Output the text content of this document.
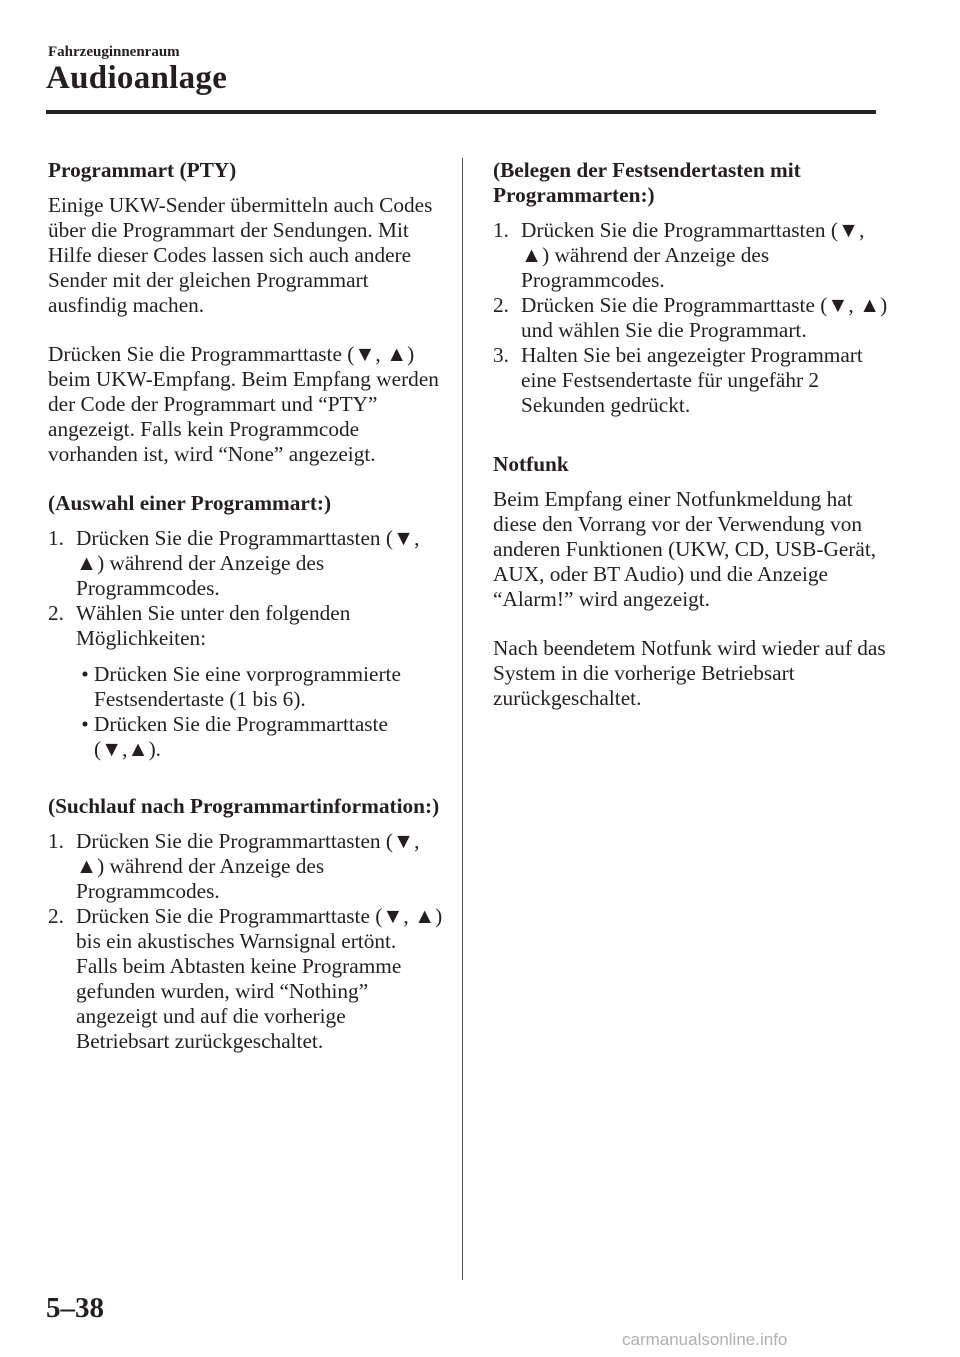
Fahrzeuginnenraum
Audioanlage
Programmart (PTY)

Einige UKW-Sender übermitteln auch Codes über die Programmart der Sendungen. Mit Hilfe dieser Codes lassen sich auch andere Sender mit der gleichen Programmart ausfindig machen.

Drücken Sie die Programmarttaste (▼, ▲) beim UKW-Empfang. Beim Empfang werden der Code der Programmart und “PTY” angezeigt. Falls kein Programmcode vorhanden ist, wird “None” angezeigt.

(Auswahl einer Programmart:)
1. Drücken Sie die Programmarttasten (▼, ▲) während der Anzeige des Programmcodes.
2. Wählen Sie unter den folgenden Möglichkeiten:
• Drücken Sie eine vorprogrammierte Festsendertaste (1 bis 6).
• Drücken Sie die Programmarttaste (▼,▲).
(Suchlauf nach Programmartinformation:)
1. Drücken Sie die Programmarttasten (▼, ▲) während der Anzeige des Programmcodes.
2. Drücken Sie die Programmarttaste (▼, ▲) bis ein akustisches Warnsignal ertönt.
Falls beim Abtasten keine Programme gefunden wurden, wird “Nothing” angezeigt und auf die vorherige Betriebsart zurückgeschaltet.
(Belegen der Festsendertasten mit Programmarten:)
1. Drücken Sie die Programmarttasten (▼, ▲) während der Anzeige des Programmcodes.
2. Drücken Sie die Programmarttaste (▼, ▲) und wählen Sie die Programmart.
3. Halten Sie bei angezeigter Programmart eine Festsendertaste für ungefähr 2 Sekunden gedrückt.
Notfunk

Beim Empfang einer Notfunkmeldung hat diese den Vorrang vor der Verwendung von anderen Funktionen (UKW, CD, USB-Gerät, AUX, oder BT Audio) und die Anzeige “Alarm!” wird angezeigt.

Nach beendetem Notfunk wird wieder auf das System in die vorherige Betriebsart zurückgeschaltet.

5–38
carmanualsonline.info
